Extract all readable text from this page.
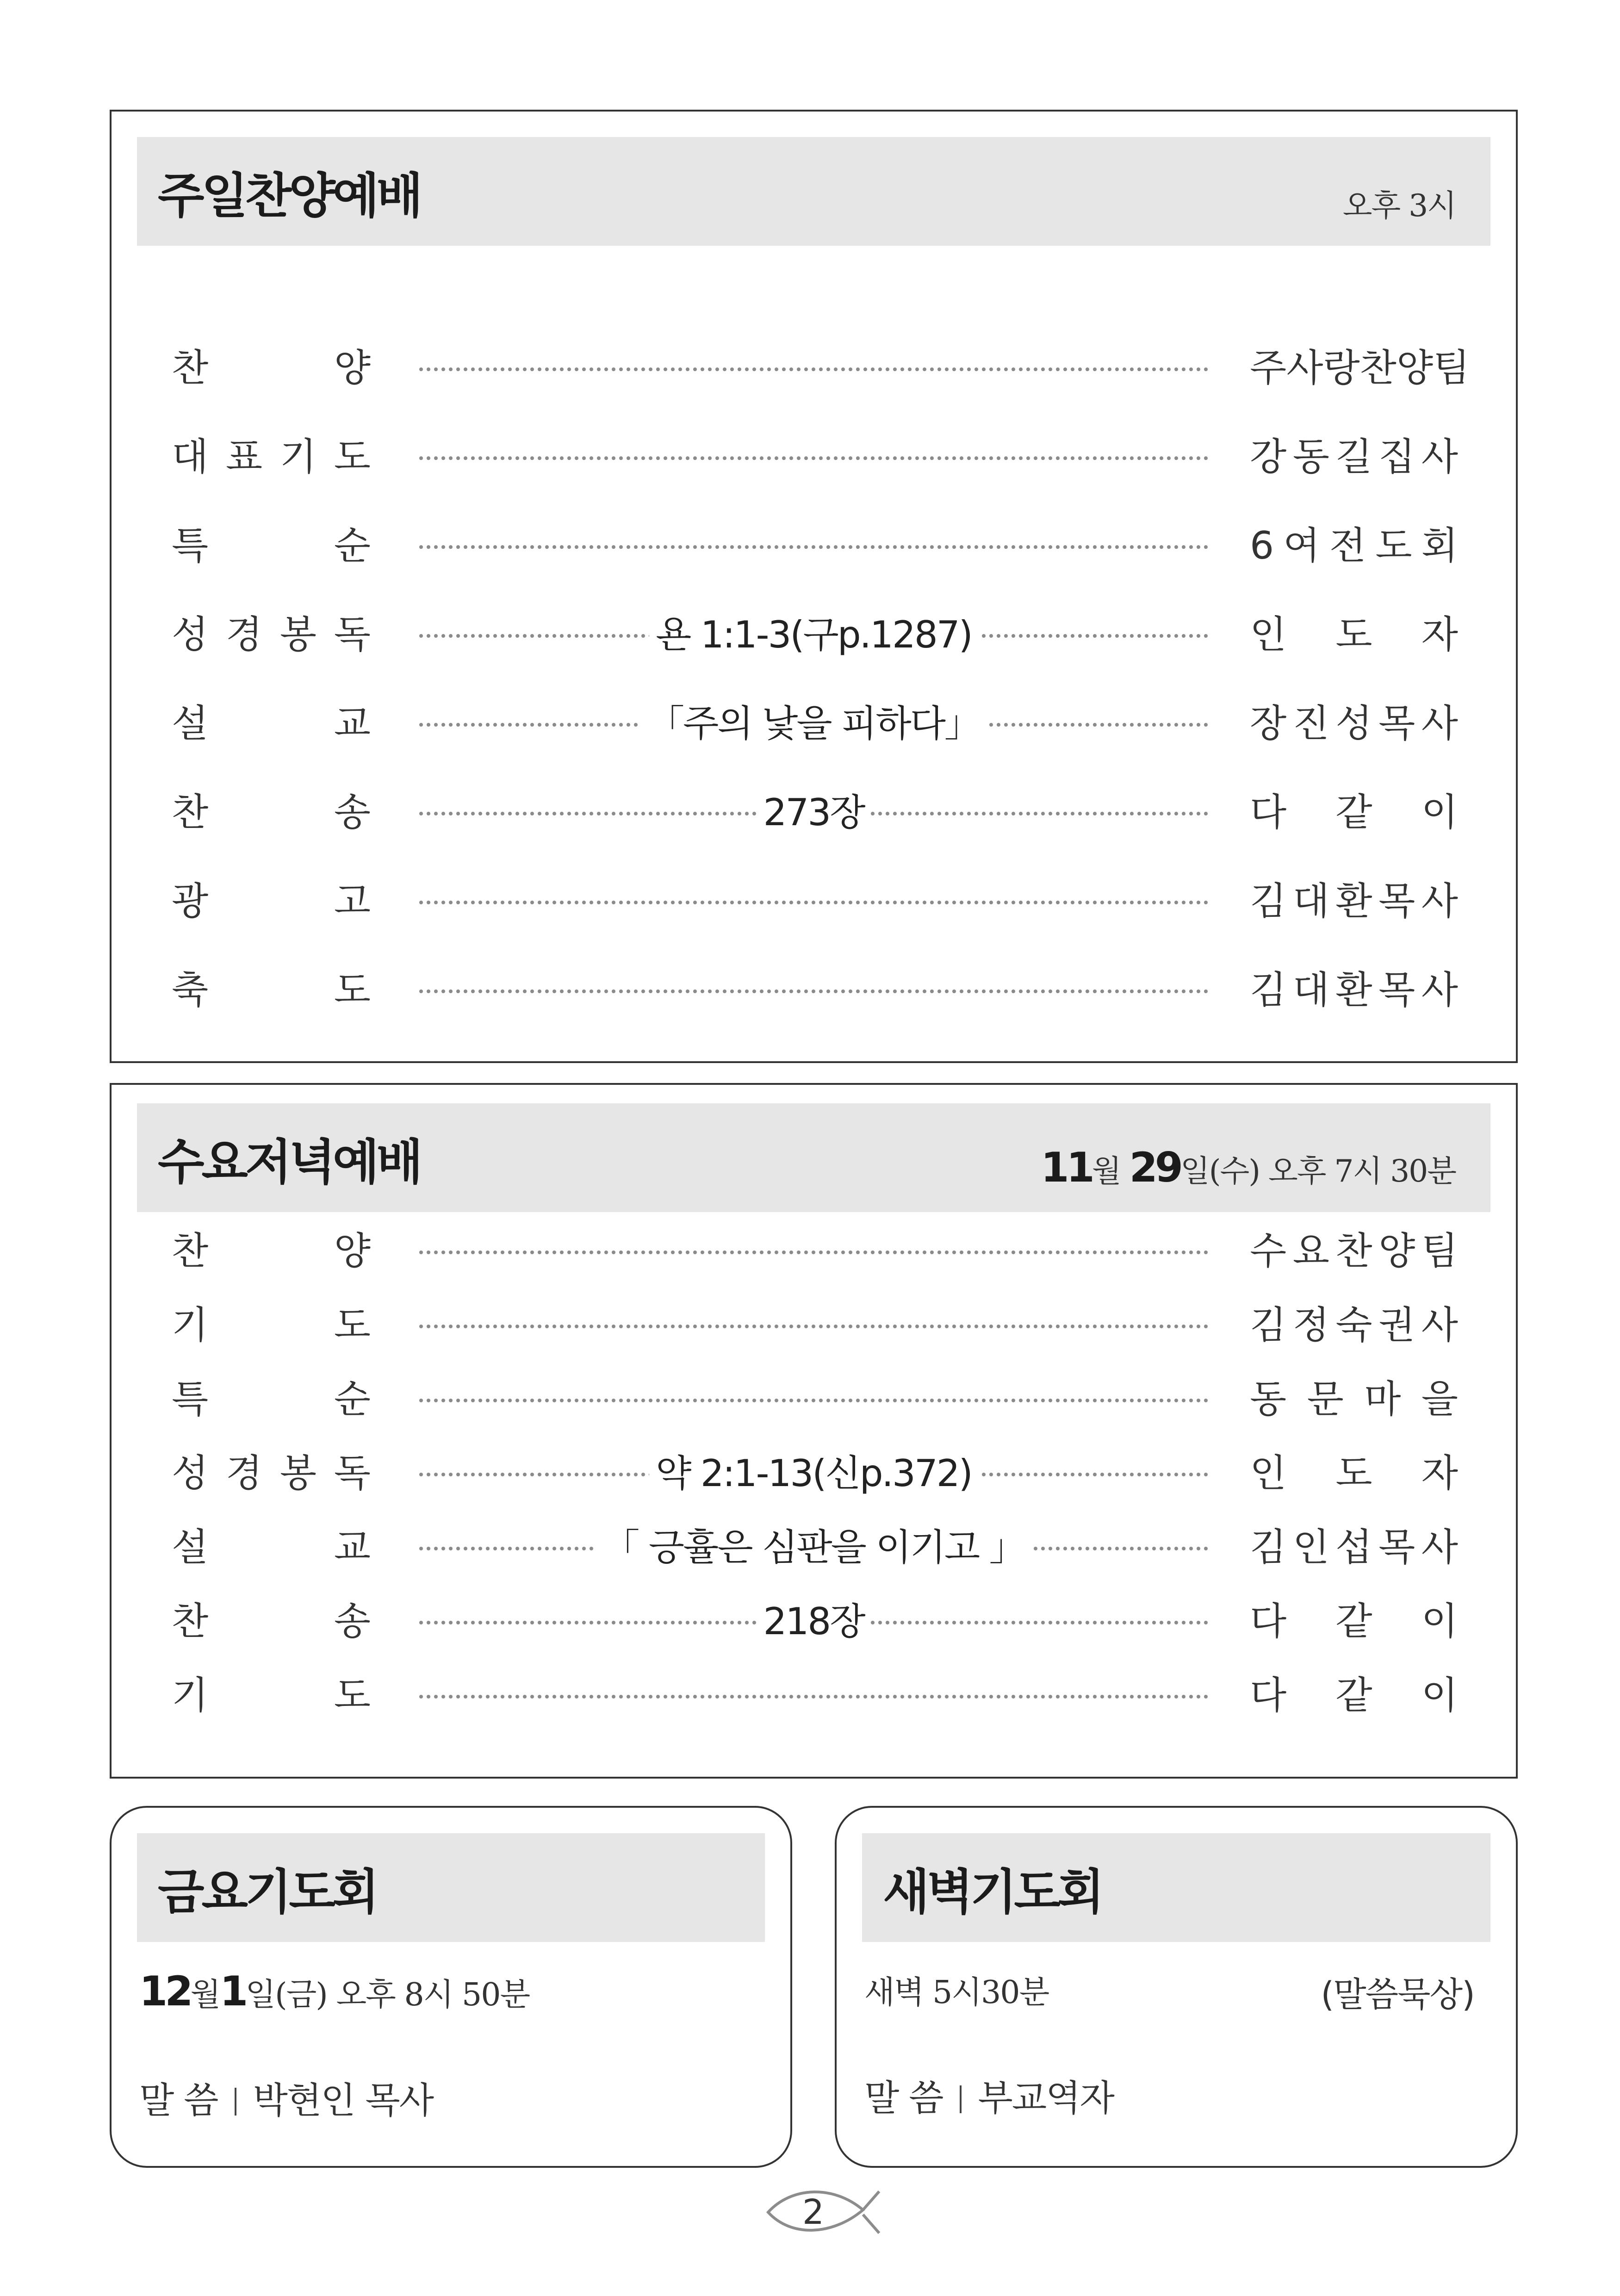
주일찬양예배	오후 3시
찬	양	주 사 랑 찬 양 팀
대 표 기 도	강 동 길 집 사
특	순	6 여 전 도 회
성 경 봉 독	욘 1:1-3(구p.1287)	인 도 자
설	교	「주의 낯을 피하다」	장 진 성 목 사
찬	송	273장	다 같 이
광	고	김 대 환 목 사
축	도	김 대 환 목 사
수요저녁예배	11월 29일(수) 오후 7시 30분
찬	양	수 요 찬 양 팀
기	도	김 정 숙 권 사
특	순	동 문 마 을
성 경 봉 독	약 2:1-13(신p.372)	인 도 자
설	교	「 긍휼은 심판을 이기고 」	김 인 섭 목 사
찬	송	218장	다 같 이
기	도	다 같 이
금요기도회
12월1일(금) 오후 8시 50분
말 씀 박현인 목사
새벽기도회
새벽 5시30분	(말씀묵상)
말 씀 부교역자
2
